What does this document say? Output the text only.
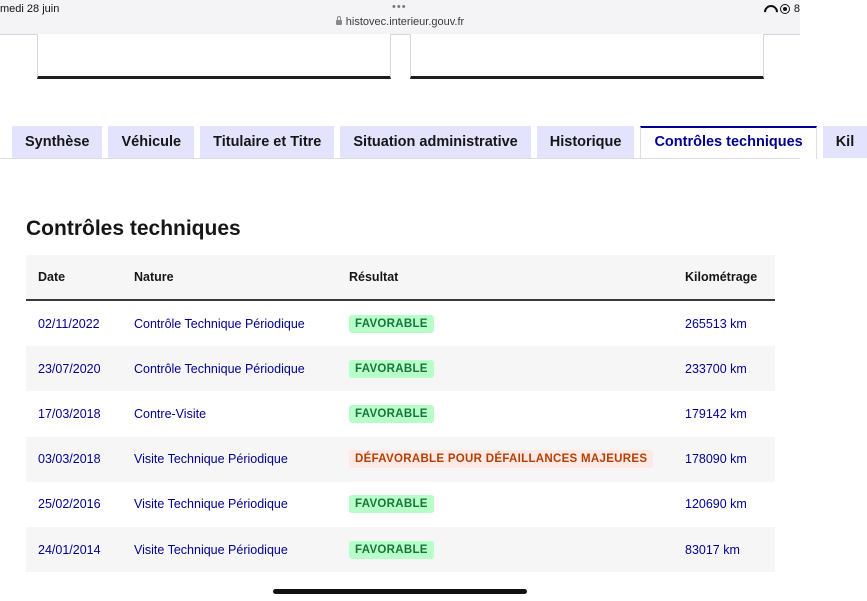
medi 28 juin	•••
histovec.interieur.gouv.fr
8
Synthèse	Véhicule	Titulaire et Titre	Situation administrative	Historique	Contrôles techniques	Kil
Contrôles techniques
Date	Nature	Résultat	Kilométrage
02/11/2022	Contrôle Technique Périodique	FAVORABLE	265513 km
23/07/2020	Contrôle Technique Périodique	FAVORABLE	233700 km
17/03/2018	Contre-Visite	FAVORABLE	179142 km
03/03/2018	Visite Technique Périodique	DÉFAVORABLE POUR DÉFAILLANCES MAJEURES	178090 km
25/02/2016	Visite Technique Périodique	FAVORABLE	120690 km
24/01/2014	Visite Technique Périodique	FAVORABLE	83017 km
